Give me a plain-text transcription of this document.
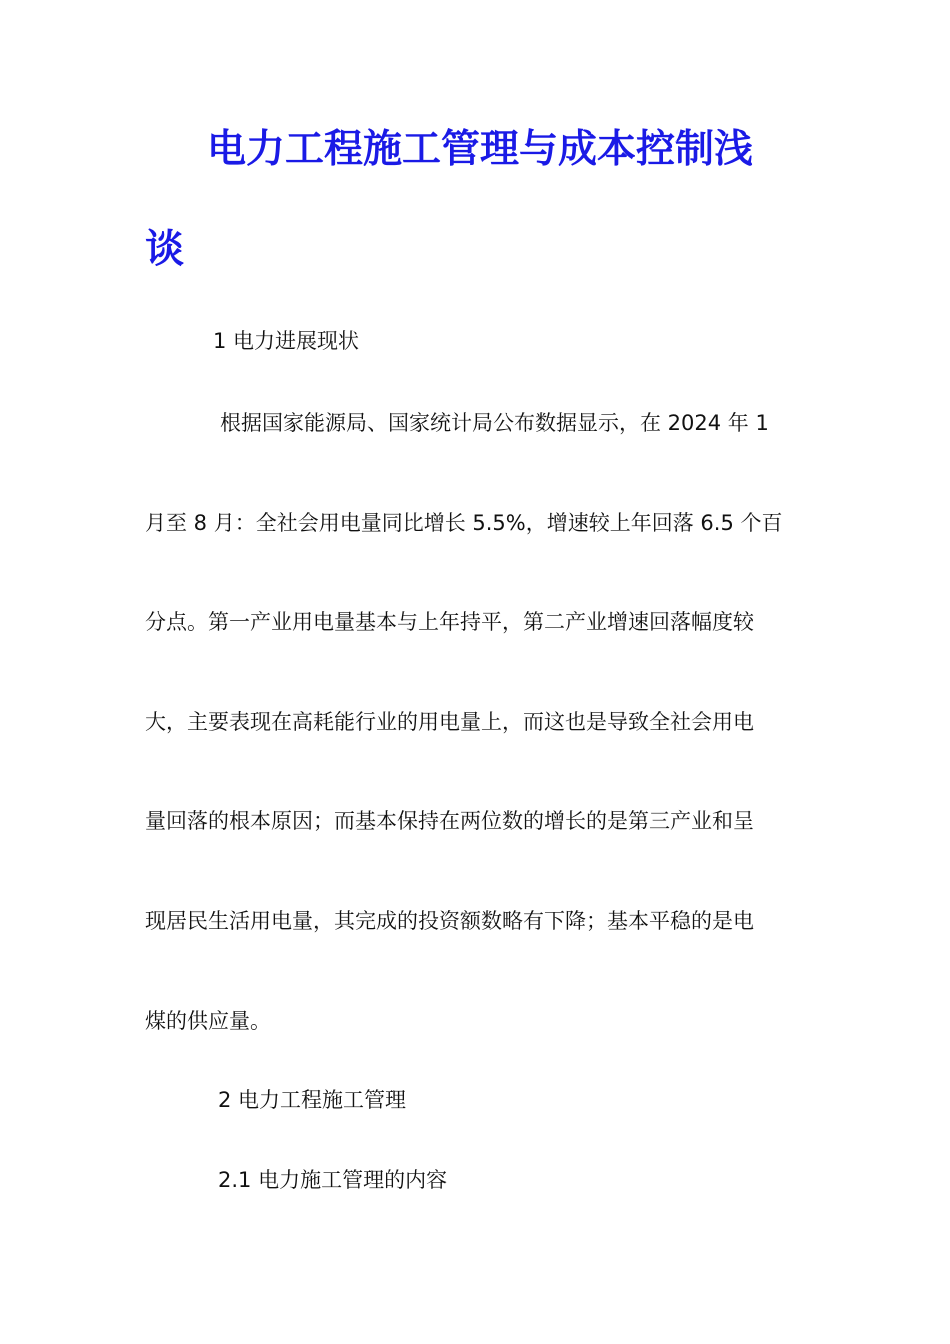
电力工程施工管理与成本控制浅
谈

1 电力进展现状

根据国家能源局、国家统计局公布数据显示，在 2024 年 1

月至 8 月：全社会用电量同比增长 5.5%，增速较上年回落 6.5 个百

分点。第一产业用电量基本与上年持平，第二产业增速回落幅度较

大，主要表现在高耗能行业的用电量上，而这也是导致全社会用电

量回落的根本原因；而基本保持在两位数的增长的是第三产业和呈

现居民生活用电量，其完成的投资额数略有下降；基本平稳的是电

煤的供应量。

2 电力工程施工管理

2.1 电力施工管理的内容
